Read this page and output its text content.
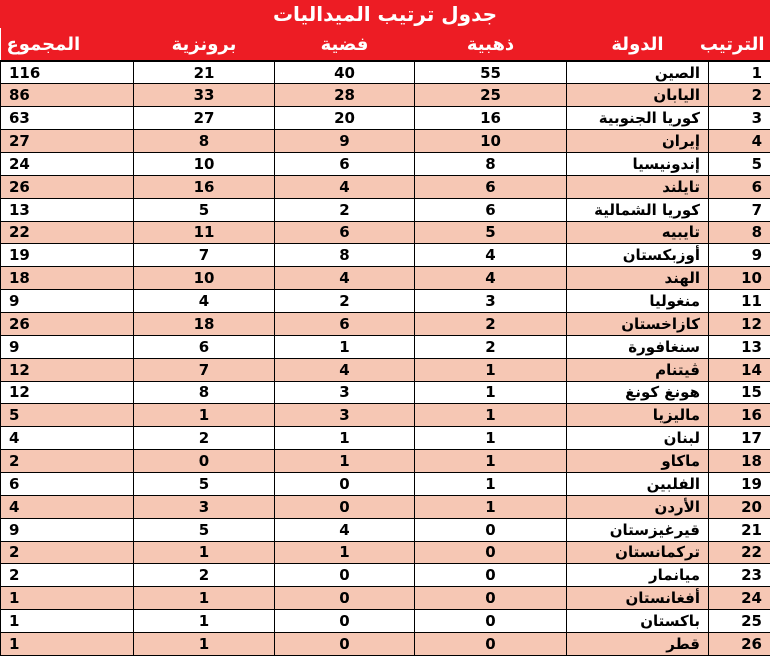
جدول ترتيب الميداليات
الترتيب	الدولة	ذهبية	فضية	برونزية	المجموع
1	الصين	55	40	21	116
2	اليابان	25	28	33	86
3	كوريا الجنوبية	16	20	27	63
4	إيران	10	9	8	27
5	إندونيسيا	8	6	10	24
6	تايلند	6	4	16	26
7	كوريا الشمالية	6	2	5	13
8	تايبيه	5	6	11	22
9	أوزبكستان	4	8	7	19
10	الهند	4	4	10	18
11	منغوليا	3	2	4	9
12	كازاخستان	2	6	18	26
13	سنغافورة	2	1	6	9
14	ڤيتنام	1	4	7	12
15	هونغ كونغ	1	3	8	12
16	ماليزيا	1	3	1	5
17	لبنان	1	1	2	4
18	ماكاو	1	1	0	2
19	الفلبين	1	0	5	6
20	الأردن	1	0	3	4
21	قيرغيزستان	0	4	5	9
22	تركمانستان	0	1	1	2
23	ميانمار	0	0	2	2
24	أفغانستان	0	0	1	1
25	باكستان	0	0	1	1
26	قطر	0	0	1	1
